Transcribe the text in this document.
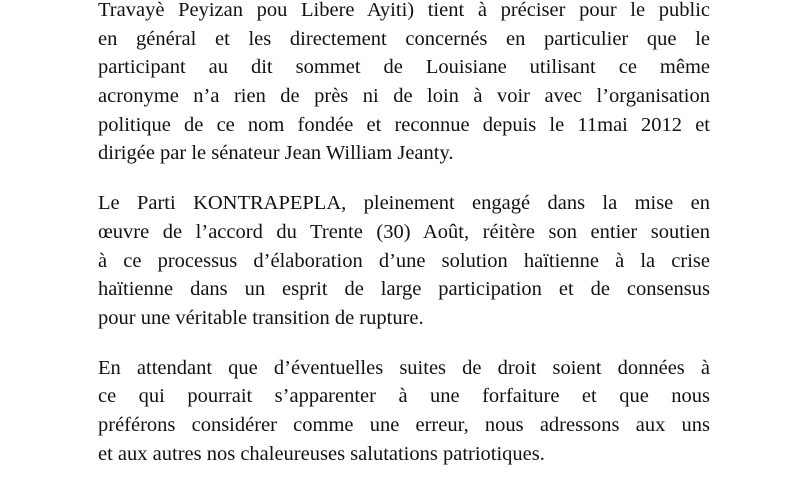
Travayè Peyizan pou Libere Ayiti) tient à préciser pour le public
en général et les directement concernés en particulier que le
participant au dit sommet de Louisiane utilisant ce même
acronyme n’a rien de près ni de loin à voir avec l’organisation
politique de ce nom fondée et reconnue depuis le 11mai 2012 et
dirigée par le sénateur Jean William Jeanty.
Le Parti KONTRAPEPLA, pleinement engagé dans la mise en
œuvre de l’accord du Trente (30) Août, réitère son entier soutien
à ce processus d’élaboration d’une solution haïtienne à la crise
haïtienne dans un esprit de large participation et de consensus
pour une véritable transition de rupture.
En attendant que d’éventuelles suites de droit soient données à
ce qui pourrait s’apparenter à une forfaiture et que nous
préférons considérer comme une erreur, nous adressons aux uns
et aux autres nos chaleureuses salutations patriotiques.
